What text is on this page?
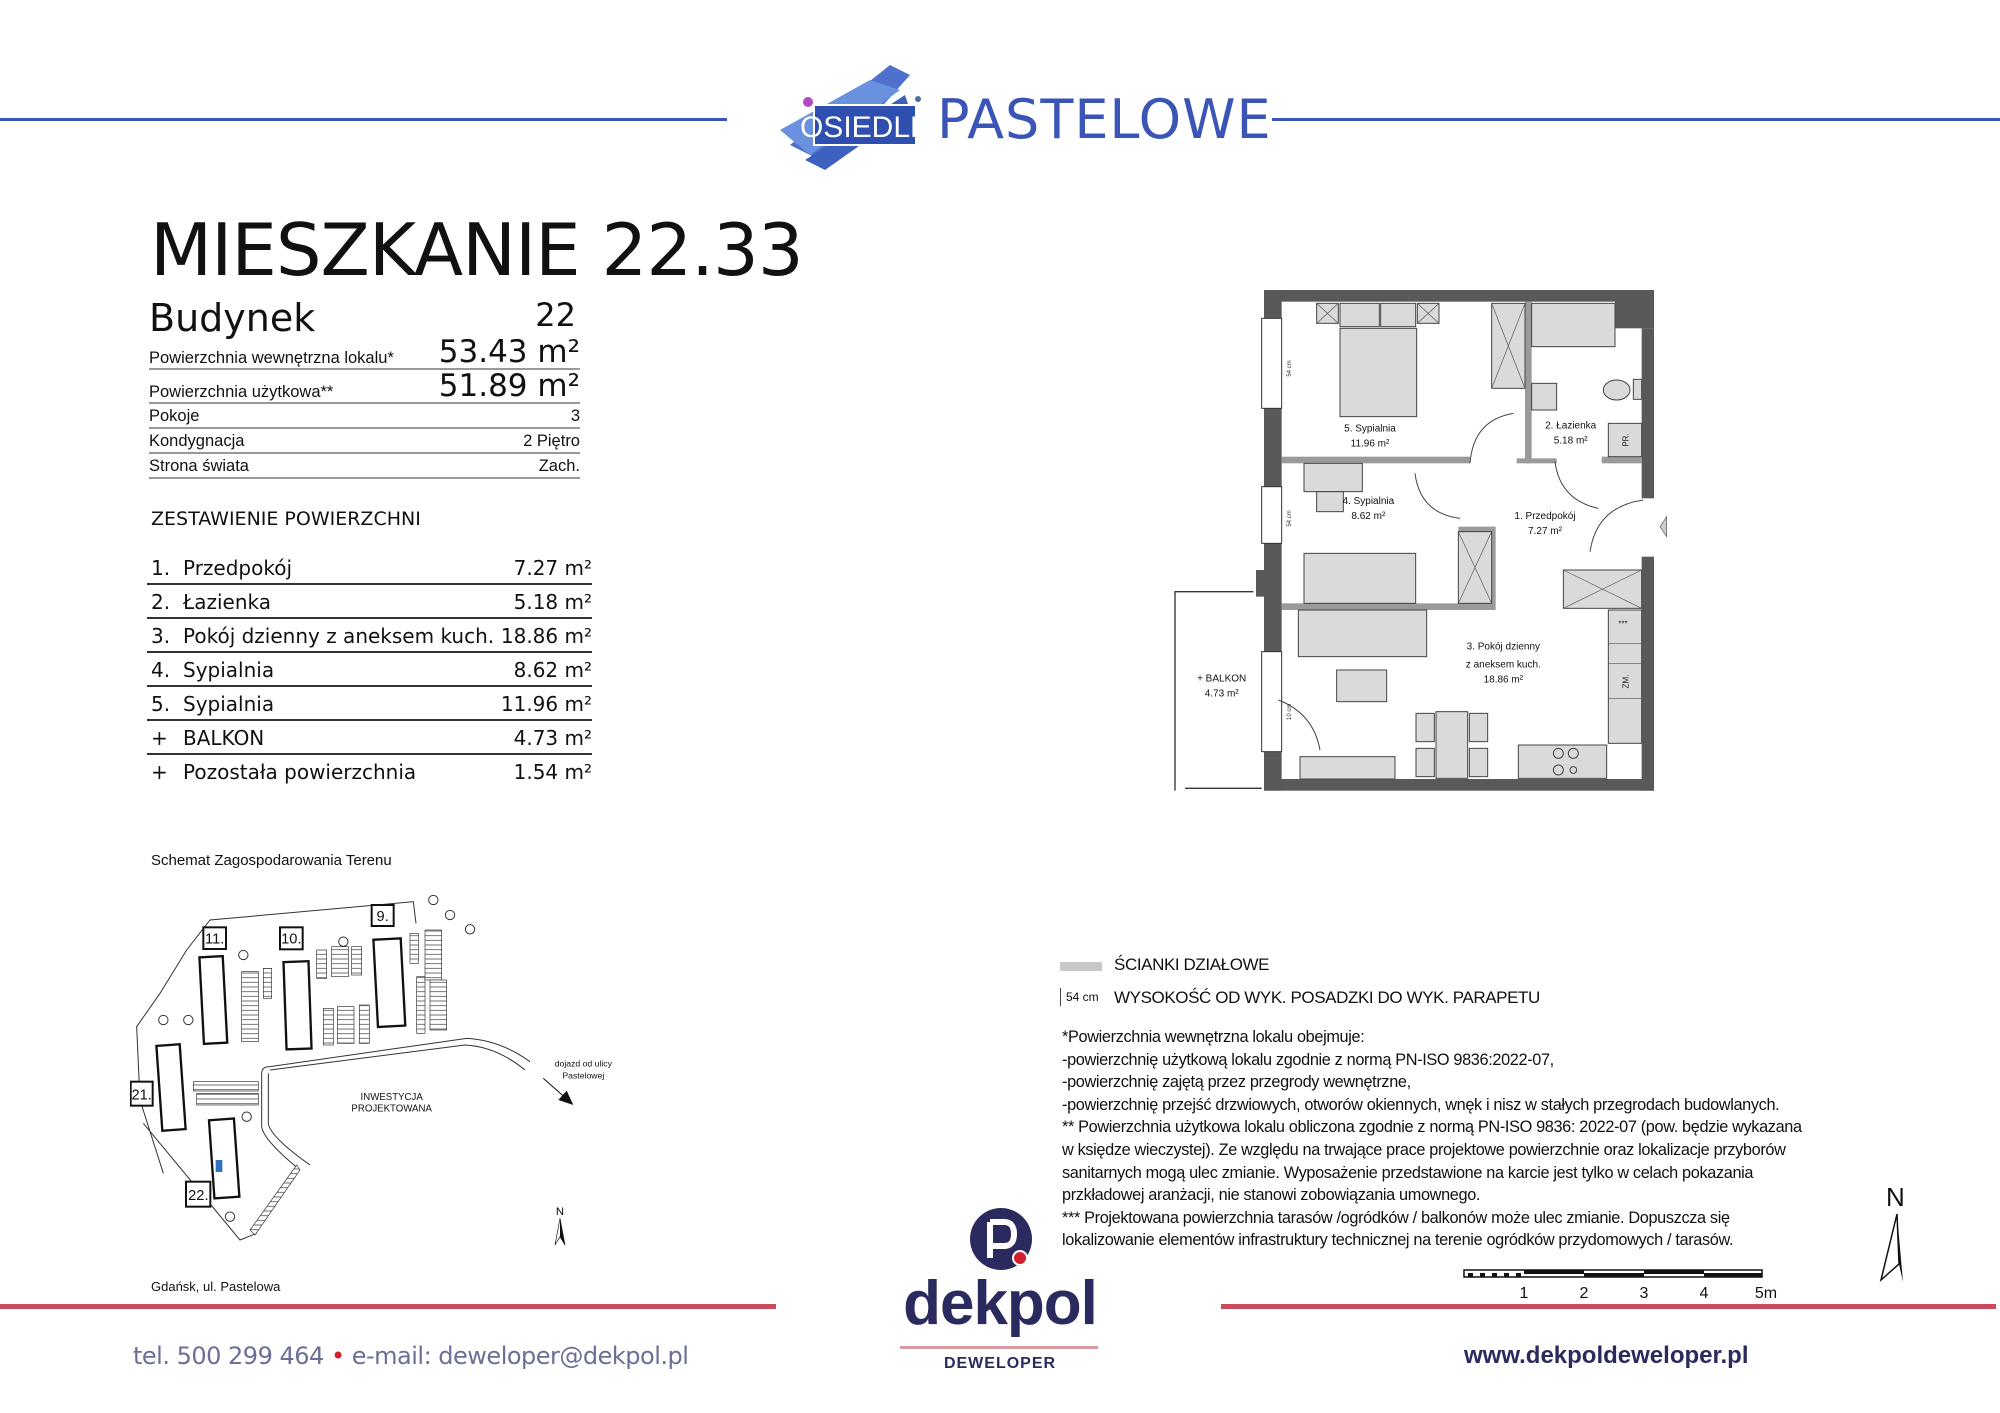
OSIEDLE PASTELOWE
MIESZKANIE 22.33
Budynek	22
Powierzchnia wewnętrzna lokalu* 53.43 m²
Powierzchnia użytkowa**	51.89 m²
Pokoje	3
Kondygnacja	2 Piętro
Strona świata	Zach.
ZESTAWIENIE POWIERZCHNI
1. Przedpokój	7.27 m²
2. Łazienka	5.18 m²
3. Pokój dzienny z aneksem kuch. 18.86 m²
4. Sypialnia	8.62 m²
5. Sypialnia	11.96 m²
+ BALKON	4.73 m²
+ Pozostała powierzchnia	1.54 m²
Schemat Zagospodarowania Terenu
11. 10.
9.
21.
22.
INWESTYCJA
PROJEKTOWANA
dojazd od ulicy
Pastelowej
N
Gdańsk, ul. Pastelowa
5. Sypialnia
11.96 m²
2. Łazienka
5.18 m²
4. Sypialnia
8.62 m²	1. Przedpokój
7.27 m²
3. Pokój dzienny
z aneksem kuch.
18.86 m²
+ BALKON
4.73 m²
54 cm
54 cm
10 cm
PR.
ZM.
***
ŚCIANKI DZIAŁOWE
54 cm WYSOKOŚĆ OD WYK. POSADZKI DO WYK. PARAPETU
*Powierzchnia wewnętrzna lokalu obejmuje:
-powierzchnię użytkową lokalu zgodnie z normą PN-ISO 9836:2022-07,
-powierzchnię zajętą przez przegrody wewnętrzne,
-powierzchnię przejść drzwiowych, otworów okiennych, wnęk i nisz w stałych przegrodach budowlanych.
** Powierzchnia użytkowa lokalu obliczona zgodnie z normą PN-ISO 9836: 2022-07 (pow. będzie wykazana
w księdze wieczystej). Ze względu na trwające prace projektowe powierzchnie oraz lokalizacje przyborów
sanitarnych mogą ulec zmianie. Wyposażenie przedstawione na karcie jest tylko w celach pokazania
przkładowej aranżacji, nie stanowi zobowiązania umownego.
*** Projektowana powierzchnia tarasów /ogródków / balkonów może ulec zmianie. Dopuszcza się
lokalizowanie elementów infrastruktury technicznej na terenie ogródków przydomowych / tarasów.
1	2	3	4	5m
N
tel. 500 299 464 • e-mail: deweloper@dekpol.pl	www.dekpoldeweloper.pl
dekpol
DEWELOPER
